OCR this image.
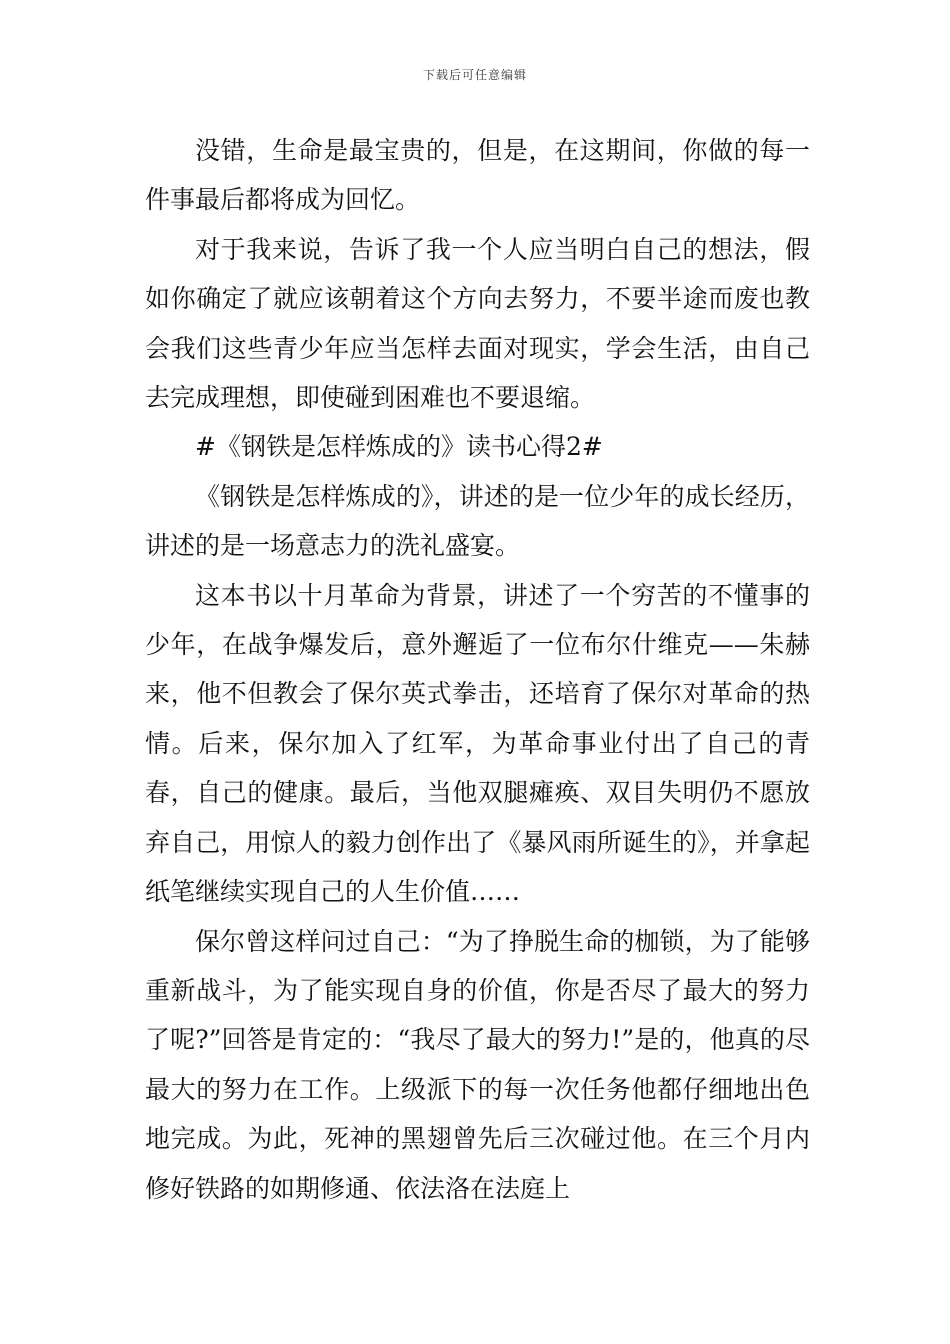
下载后可任意编辑

没错，生命是最宝贵的，但是，在这期间，你做的每一件事最后都将成为回忆。

对于我来说，告诉了我一个人应当明白自己的想法，假如你确定了就应该朝着这个方向去努力，不要半途而废也教会我们这些青少年应当怎样去面对现实，学会生活，由自己去完成理想，即使碰到困难也不要退缩。

#《钢铁是怎样炼成的》读书心得2#

《钢铁是怎样炼成的》，讲述的是一位少年的成长经历，讲述的是一场意志力的洗礼盛宴。

这本书以十月革命为背景，讲述了一个穷苦的不懂事的少年，在战争爆发后，意外邂逅了一位布尔什维克——朱赫来，他不但教会了保尔英式拳击，还培育了保尔对革命的热情。后来，保尔加入了红军，为革命事业付出了自己的青春，自己的健康。最后，当他双腿瘫痪、双目失明仍不愿放弃自己，用惊人的毅力创作出了《暴风雨所诞生的》，并拿起纸笔继续实现自己的人生价值……

保尔曾这样问过自己：“为了挣脱生命的枷锁，为了能够重新战斗，为了能实现自身的价值，你是否尽了最大的努力了呢?”回答是肯定的：“我尽了最大的努力!”是的，他真的尽最大的努力在工作。上级派下的每一次任务他都仔细地出色地完成。为此，死神的黑翅曾先后三次碰过他。在三个月内修好铁路的如期修通、依法洛在法庭上
